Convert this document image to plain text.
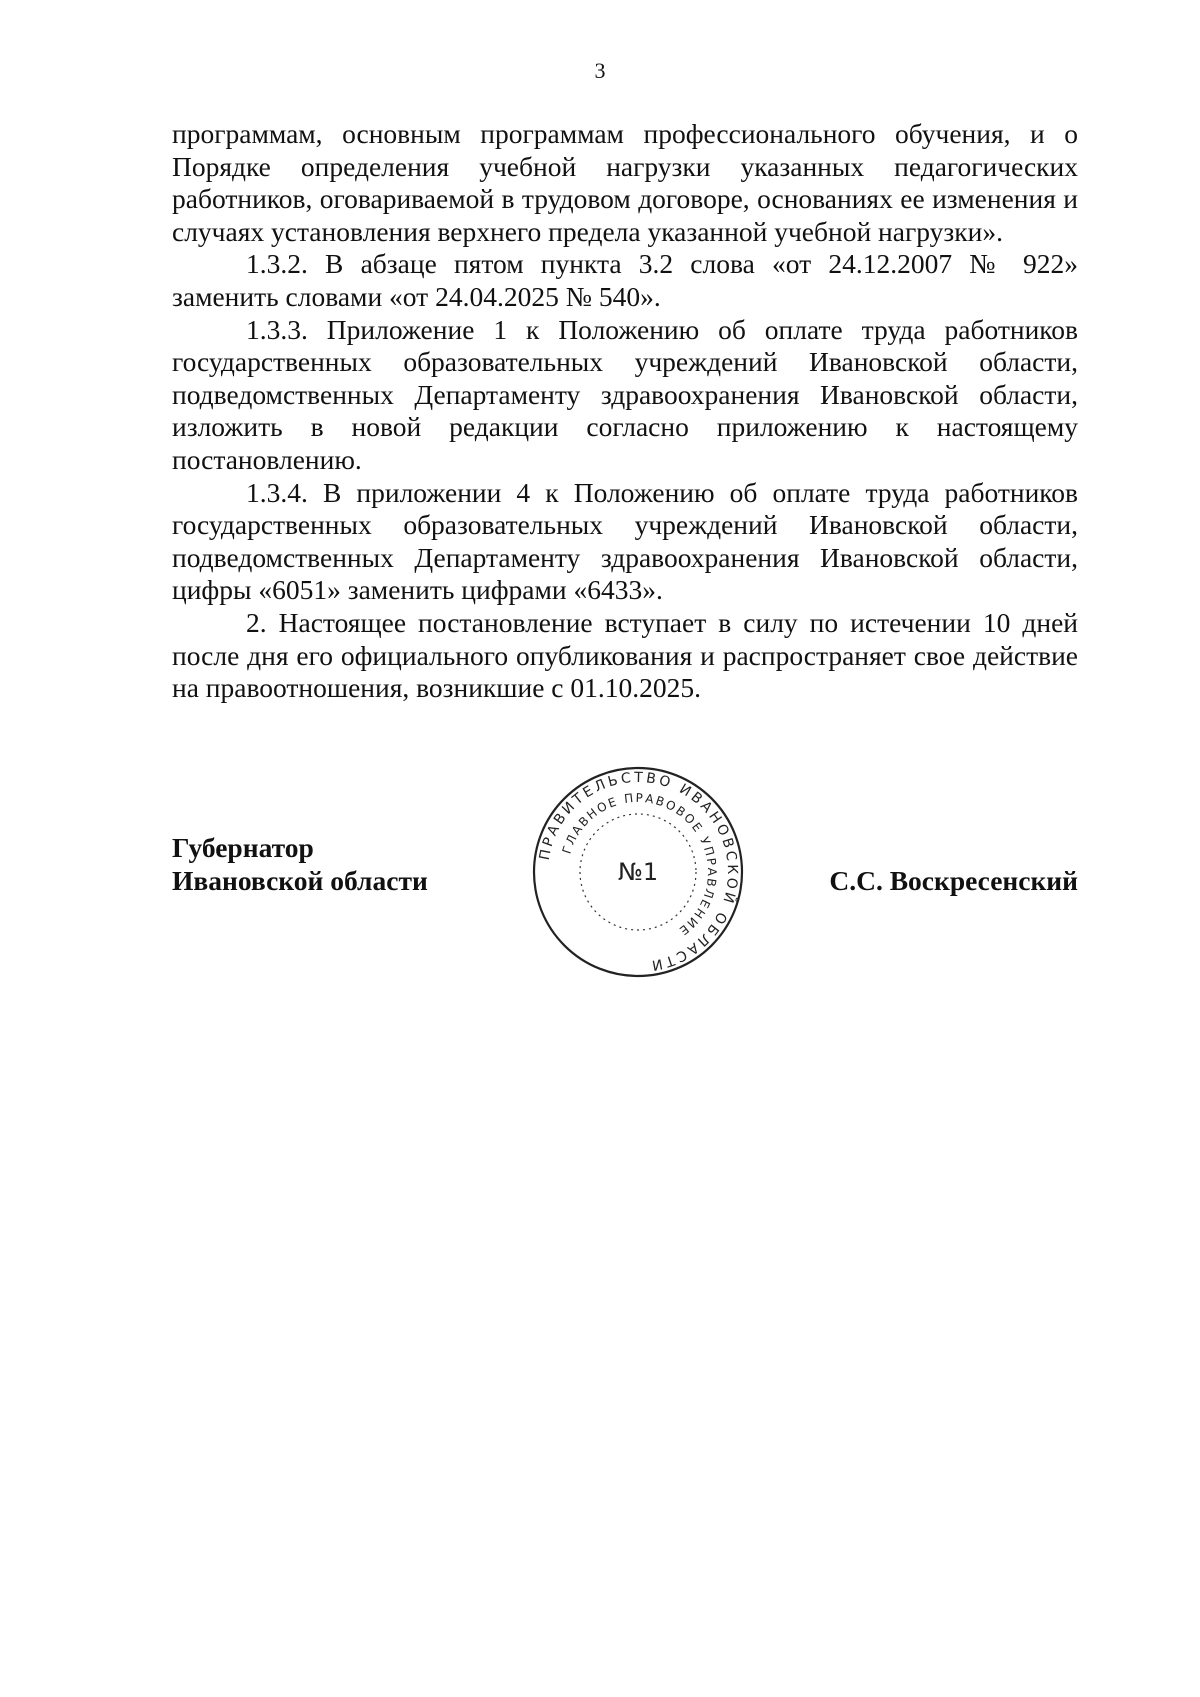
3

программам, основным программам профессионального обучения, и о Порядке определения учебной нагрузки указанных педагогических работников, оговариваемой в трудовом договоре, основаниях ее изменения и случаях установления верхнего предела указанной учебной нагрузки».

1.3.2. В абзаце пятом пункта 3.2 слова «от 24.12.2007 № 922» заменить словами «от 24.04.2025 № 540».

1.3.3. Приложение 1 к Положению об оплате труда работников государственных образовательных учреждений Ивановской области, подведомственных Департаменту здравоохранения Ивановской области, изложить в новой редакции согласно приложению к настоящему постановлению.

1.3.4. В приложении 4 к Положению об оплате труда работников государственных образовательных учреждений Ивановской области, подведомственных Департаменту здравоохранения Ивановской области, цифры «6051» заменить цифрами «6433».

2. Настоящее постановление вступает в силу по истечении 10 дней после дня его официального опубликования и распространяет свое действие на правоотношения, возникшие с 01.10.2025.

Губернатор
Ивановской области	С.С. Воскресенский
ПРАВИТЕЛЬСТВО ИВАНОВСКОЙ ОБЛАСТИ
ГЛАВНОЕ ПРАВОВОЕ УПРАВЛЕНИЕ
№1
